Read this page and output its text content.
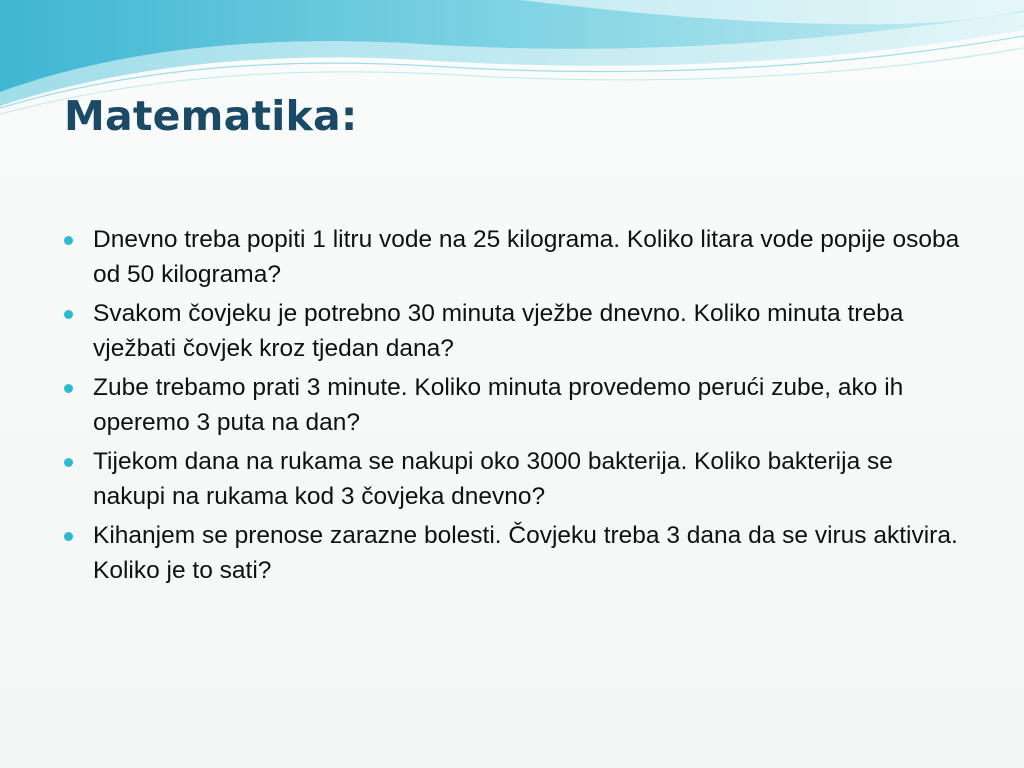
Matematika:
Dnevno treba popiti 1 litru vode na 25 kilograma. Koliko litara vode popije osoba od 50 kilograma?
Svakom čovjeku je potrebno 30 minuta vježbe dnevno. Koliko minuta treba vježbati čovjek kroz tjedan dana?
Zube trebamo prati 3 minute. Koliko minuta provedemo perući zube, ako ih operemo 3 puta na dan?
Tijekom dana na rukama se nakupi oko 3000 bakterija. Koliko bakterija se nakupi na rukama kod 3 čovjeka dnevno?
Kihanjem se prenose zarazne bolesti. Čovjeku treba 3 dana da se virus aktivira. Koliko je to sati?
